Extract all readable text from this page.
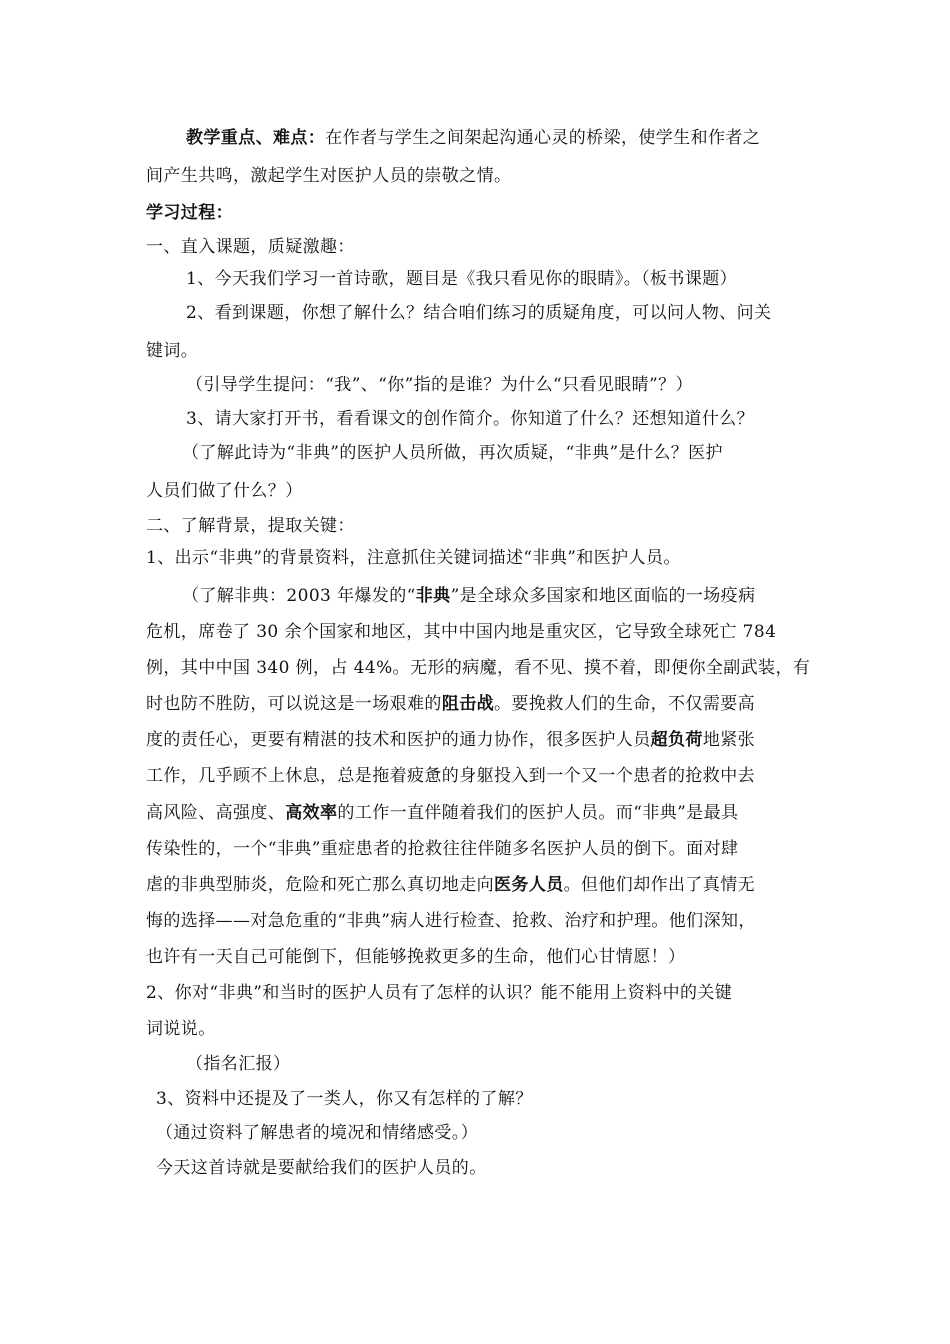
教学重点、难点：在作者与学生之间架起沟通心灵的桥梁，使学生和作者之
间产生共鸣，激起学生对医护人员的崇敬之情。
学习过程：
一、直入课题，质疑激趣：
1、今天我们学习一首诗歌，题目是《我只看见你的眼睛》。（板书课题）
2、看到课题，你想了解什么？结合咱们练习的质疑角度，可以问人物、问关
键词。
（引导学生提问：“我”、“你”指的是谁？为什么“只看见眼睛”？）
3、请大家打开书，看看课文的创作简介。你知道了什么？还想知道什么？
（了解此诗为“非典”的医护人员所做，再次质疑，“非典”是什么？医护
人员们做了什么？）
二、了解背景，提取关键：
1、出示“非典”的背景资料，注意抓住关键词描述“非典”和医护人员。
（了解非典：2003 年爆发的“非典”是全球众多国家和地区面临的一场疫病
危机，席卷了 30 余个国家和地区，其中中国内地是重灾区，它导致全球死亡 784
例，其中中国 340 例，占 44%。无形的病魔，看不见、摸不着，即便你全副武装，有
时也防不胜防，可以说这是一场艰难的阻击战。要挽救人们的生命，不仅需要高
度的责任心，更要有精湛的技术和医护的通力协作，很多医护人员超负荷地紧张
工作，几乎顾不上休息，总是拖着疲惫的身躯投入到一个又一个患者的抢救中去
高风险、高强度、高效率的工作一直伴随着我们的医护人员。而“非典”是最具
传染性的，一个“非典”重症患者的抢救往往伴随多名医护人员的倒下。面对肆
虐的非典型肺炎，危险和死亡那么真切地走向医务人员。但他们却作出了真情无
悔的选择——对急危重的“非典”病人进行检查、抢救、治疗和护理。他们深知，
也许有一天自己可能倒下，但能够挽救更多的生命，他们心甘情愿！）
2、你对“非典”和当时的医护人员有了怎样的认识？能不能用上资料中的关键
词说说。
（指名汇报）
3、资料中还提及了一类人，你又有怎样的了解？
（通过资料了解患者的境况和情绪感受。）
今天这首诗就是要献给我们的医护人员的。
